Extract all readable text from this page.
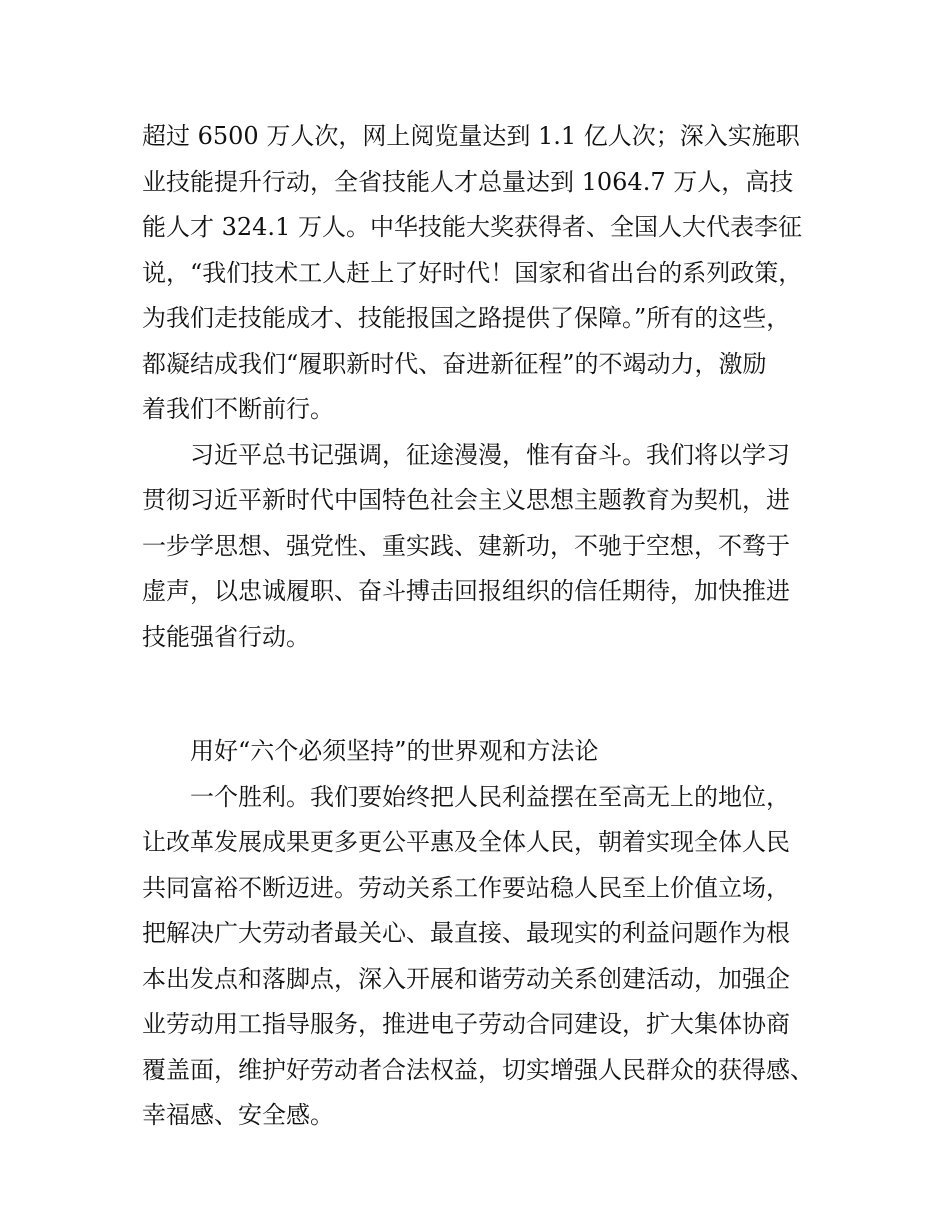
超过 6500 万人次，网上阅览量达到 1.1 亿人次；深入实施职
业技能提升行动，全省技能人才总量达到 1064.7 万人，高技
能人才 324.1 万人。中华技能大奖获得者、全国人大代表李征
说，“我们技术工人赶上了好时代！国家和省出台的系列政策，
为我们走技能成才、技能报国之路提供了保障。”所有的这些，
都凝结成我们“履职新时代、奋进新征程”的不竭动力，激励
着我们不断前行。
习近平总书记强调，征途漫漫，惟有奋斗。我们将以学习
贯彻习近平新时代中国特色社会主义思想主题教育为契机，进
一步学思想、强党性、重实践、建新功，不驰于空想，不骛于
虚声，以忠诚履职、奋斗搏击回报组织的信任期待，加快推进
技能强省行动。
用好“六个必须坚持”的世界观和方法论
一个胜利。我们要始终把人民利益摆在至高无上的地位，
让改革发展成果更多更公平惠及全体人民，朝着实现全体人民
共同富裕不断迈进。劳动关系工作要站稳人民至上价值立场，
把解决广大劳动者最关心、最直接、最现实的利益问题作为根
本出发点和落脚点，深入开展和谐劳动关系创建活动，加强企
业劳动用工指导服务，推进电子劳动合同建设，扩大集体协商
覆盖面，维护好劳动者合法权益，切实增强人民群众的获得感、
幸福感、安全感。
